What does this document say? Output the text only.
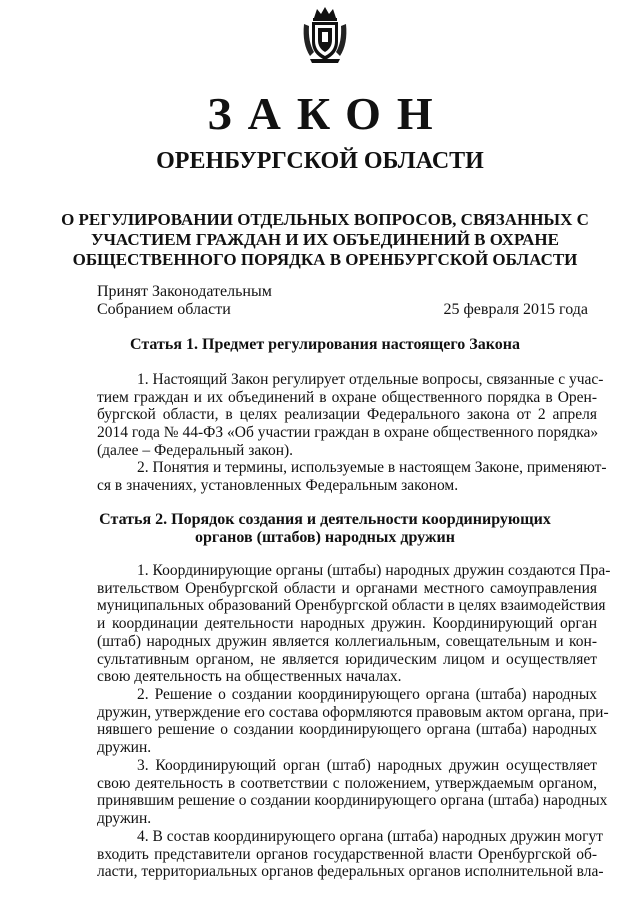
ЗАКОН
ОРЕНБУРГСКОЙ ОБЛАСТИ
О РЕГУЛИРОВАНИИ ОТДЕЛЬНЫХ ВОПРОСОВ, СВЯЗАННЫХ С
УЧАСТИЕМ ГРАЖДАН И ИХ ОБЪЕДИНЕНИЙ В ОХРАНЕ
ОБЩЕСТВЕННОГО ПОРЯДКА В ОРЕНБУРГСКОЙ ОБЛАСТИ
Принят Законодательным
Собранием области	25 февраля 2015 года
Статья 1. Предмет регулирования настоящего Закона

1. Настоящий Закон регулирует отдельные вопросы, связанные с учас-
тием граждан и их объединений в охране общественного порядка в Орен-
бургской области, в целях реализации Федерального закона от 2 апреля
2014 года № 44-ФЗ «Об участии граждан в охране общественного порядка»
(далее – Федеральный закон).

2. Понятия и термины, используемые в настоящем Законе, применяют-
ся в значениях, установленных Федеральным законом.

Статья 2. Порядок создания и деятельности координирующих
органов (штабов) народных дружин

1. Координирующие органы (штабы) народных дружин создаются Пра-
вительством Оренбургской области и органами местного самоуправления
муниципальных образований Оренбургской области в целях взаимодействия
и координации деятельности народных дружин. Координирующий орган
(штаб) народных дружин является коллегиальным, совещательным и кон-
сультативным органом, не является юридическим лицом и осуществляет
свою деятельность на общественных началах.

2. Решение о создании координирующего органа (штаба) народных
дружин, утверждение его состава оформляются правовым актом органа, при-
нявшего решение о создании координирующего органа (штаба) народных
дружин.

3. Координирующий орган (штаб) народных дружин осуществляет
свою деятельность в соответствии с положением, утверждаемым органом,
принявшим решение о создании координирующего органа (штаба) народных
дружин.

4. В состав координирующего органа (штаба) народных дружин могут
входить представители органов государственной власти Оренбургской об-
ласти, территориальных органов федеральных органов исполнительной вла-
